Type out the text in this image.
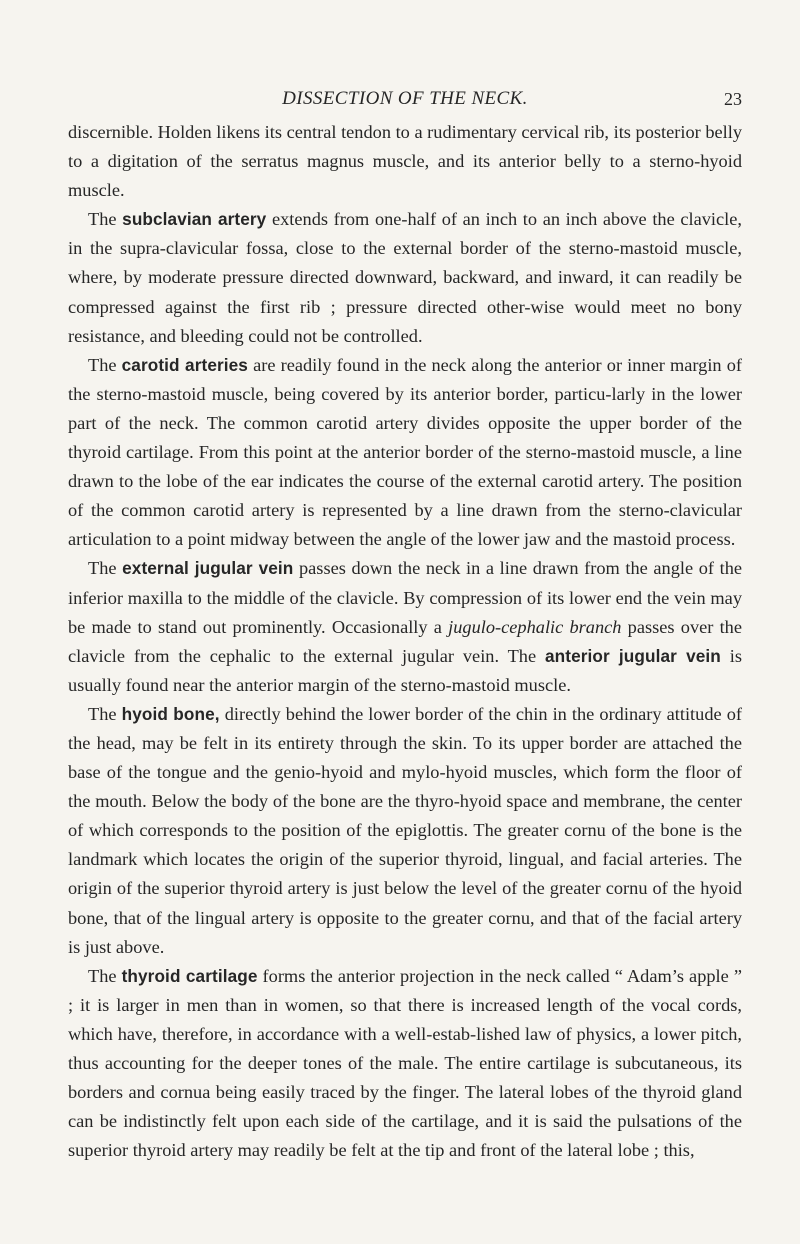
DISSECTION OF THE NECK.	23

discernible. Holden likens its central tendon to a rudimentary cervical rib, its posterior belly to a digitation of the serratus magnus muscle, and its anterior belly to a sterno-hyoid muscle.

The subclavian artery extends from one-half of an inch to an inch above the clavicle, in the supra-clavicular fossa, close to the external border of the sterno-mastoid muscle, where, by moderate pressure directed downward, backward, and inward, it can readily be compressed against the first rib ; pressure directed other-wise would meet no bony resistance, and bleeding could not be controlled.

The carotid arteries are readily found in the neck along the anterior or inner margin of the sterno-mastoid muscle, being covered by its anterior border, particu-larly in the lower part of the neck. The common carotid artery divides opposite the upper border of the thyroid cartilage. From this point at the anterior border of the sterno-mastoid muscle, a line drawn to the lobe of the ear indicates the course of the external carotid artery. The position of the common carotid artery is represented by a line drawn from the sterno-clavicular articulation to a point midway between the angle of the lower jaw and the mastoid process.

The external jugular vein passes down the neck in a line drawn from the angle of the inferior maxilla to the middle of the clavicle. By compression of its lower end the vein may be made to stand out prominently. Occasionally a jugulo-cephalic branch passes over the clavicle from the cephalic to the external jugular vein. The anterior jugular vein is usually found near the anterior margin of the sterno-mastoid muscle.

The hyoid bone, directly behind the lower border of the chin in the ordinary attitude of the head, may be felt in its entirety through the skin. To its upper border are attached the base of the tongue and the genio-hyoid and mylo-hyoid muscles, which form the floor of the mouth. Below the body of the bone are the thyro-hyoid space and membrane, the center of which corresponds to the position of the epiglottis. The greater cornu of the bone is the landmark which locates the origin of the superior thyroid, lingual, and facial arteries. The origin of the superior thyroid artery is just below the level of the greater cornu of the hyoid bone, that of the lingual artery is opposite to the greater cornu, and that of the facial artery is just above.

The thyroid cartilage forms the anterior projection in the neck called “ Adam’s apple ” ; it is larger in men than in women, so that there is increased length of the vocal cords, which have, therefore, in accordance with a well-estab-lished law of physics, a lower pitch, thus accounting for the deeper tones of the male. The entire cartilage is subcutaneous, its borders and cornua being easily traced by the finger. The lateral lobes of the thyroid gland can be indistinctly felt upon each side of the cartilage, and it is said the pulsations of the superior thyroid artery may readily be felt at the tip and front of the lateral lobe ; this,
